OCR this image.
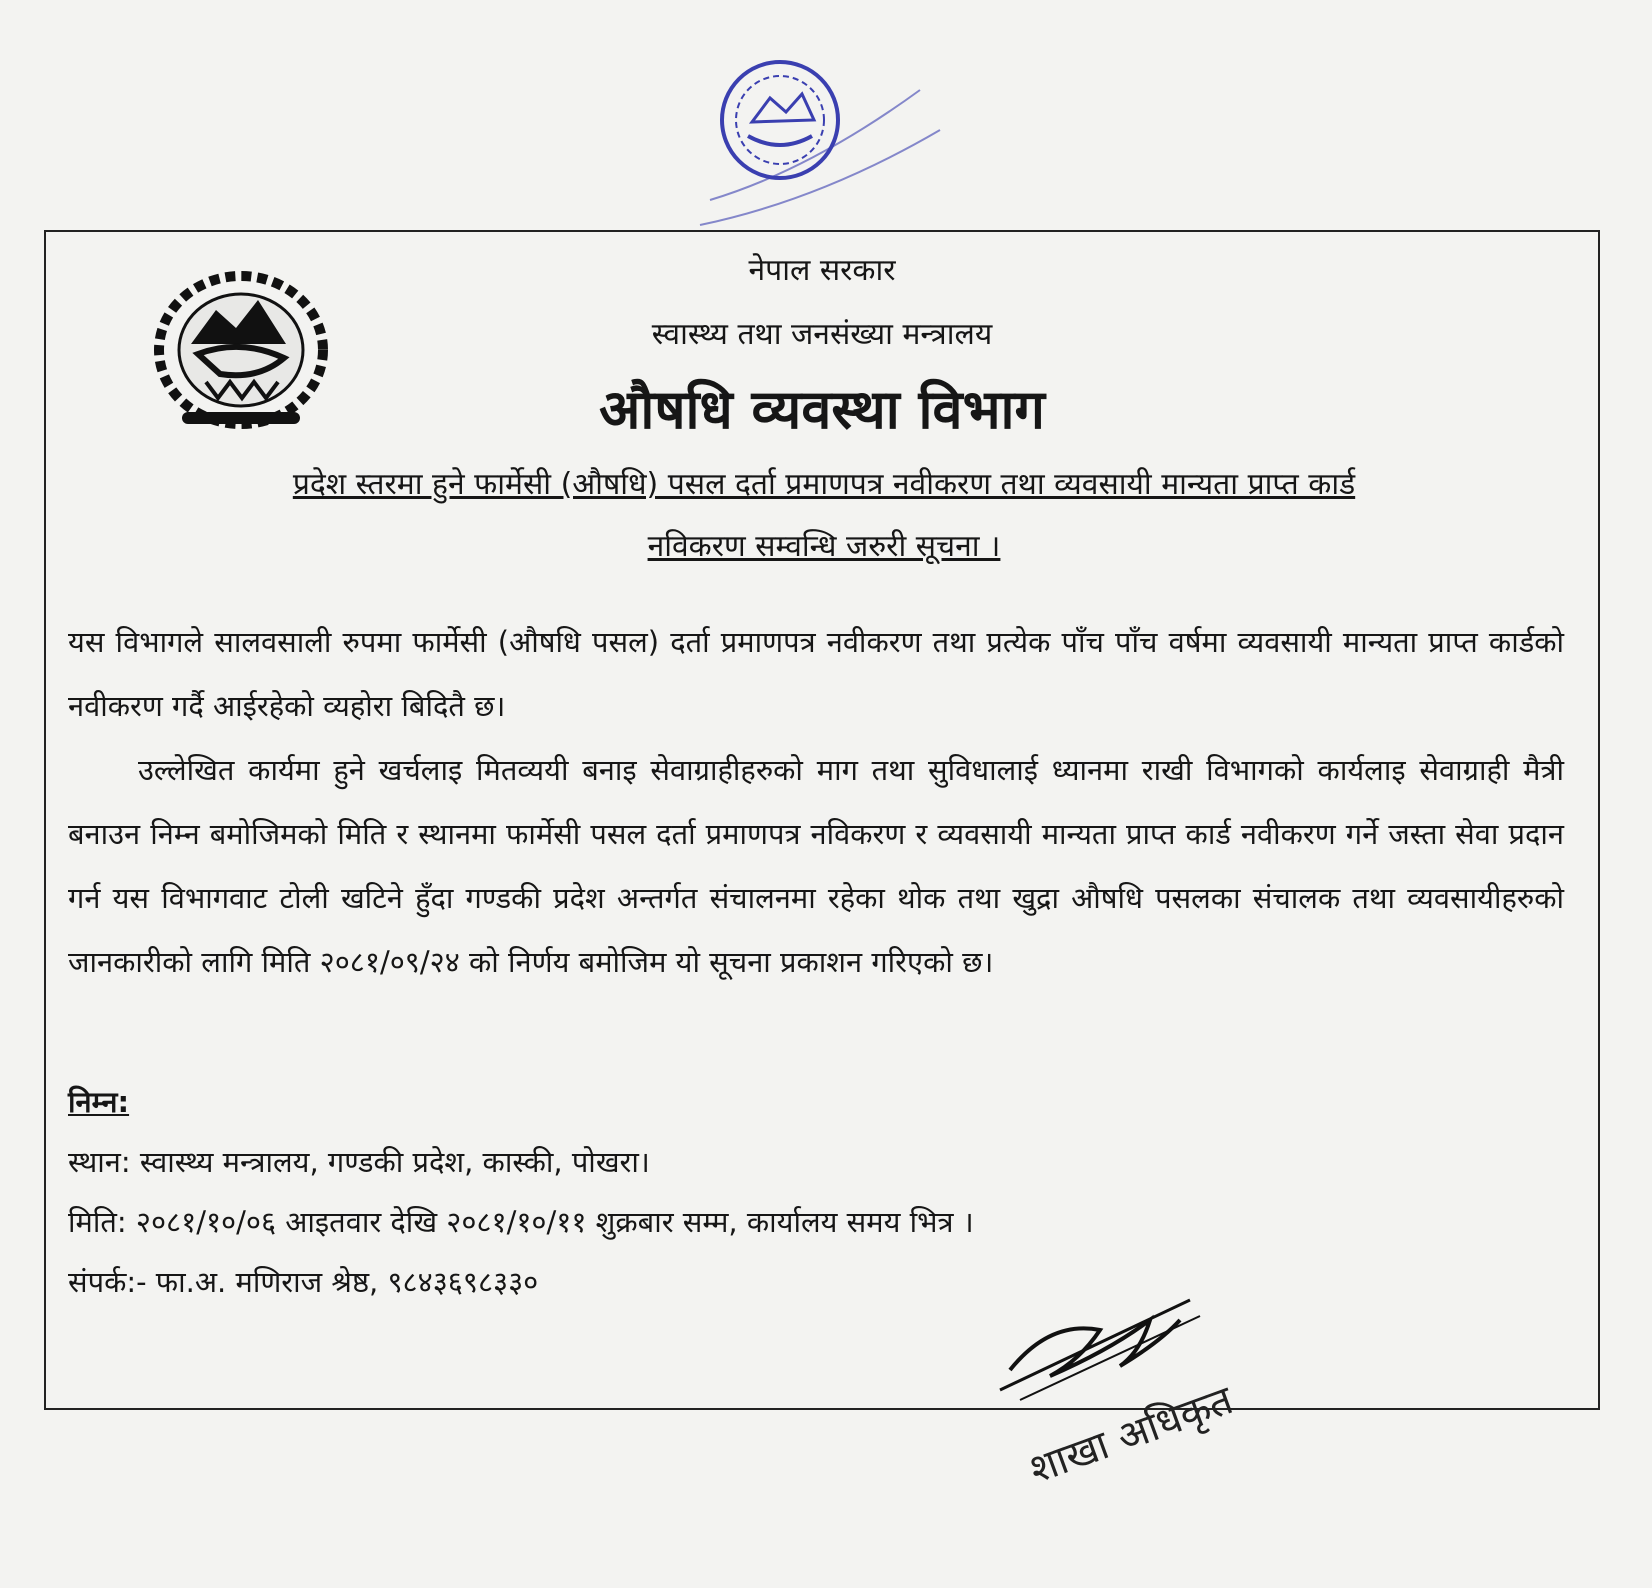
नेपाल सरकार
स्वास्थ्य तथा जनसंख्या मन्त्रालय
औषधि व्यवस्था विभाग
प्रदेश स्तरमा हुने फार्मेसी (औषधि) पसल दर्ता प्रमाणपत्र नवीकरण तथा व्यवसायी मान्यता प्राप्त कार्ड
नविकरण सम्वन्धि जरुरी सूचना ।

यस विभागले सालवसाली रुपमा फार्मेसी (औषधि पसल) दर्ता प्रमाणपत्र नवीकरण तथा प्रत्येक पाँच पाँच वर्षमा व्यवसायी मान्यता प्राप्त कार्डको नवीकरण गर्दै आईरहेको व्यहोरा बिदितै छ।

उल्लेखित कार्यमा हुने खर्चलाइ मितव्ययी बनाइ सेवाग्राहीहरुको माग तथा सुविधालाई ध्यानमा राखी विभागको कार्यलाइ सेवाग्राही मैत्री बनाउन निम्न बमोजिमको मिति र स्थानमा फार्मेसी पसल दर्ता प्रमाणपत्र नविकरण र व्यवसायी मान्यता प्राप्त कार्ड नवीकरण गर्ने जस्ता सेवा प्रदान गर्न यस विभागवाट टोली खटिने हुँदा गण्डकी प्रदेश अन्तर्गत संचालनमा रहेका थोक तथा खुद्रा औषधि पसलका संचालक तथा व्यवसायीहरुको जानकारीको लागि मिति २०८१/०९/२४ को निर्णय बमोजिम यो सूचना प्रकाशन गरिएको छ।

निम्न:
स्थान: स्वास्थ्य मन्त्रालय, गण्डकी प्रदेश, कास्की, पोखरा।
मिति: २०८१/१०/०६ आइतवार देखि २०८१/१०/११ शुक्रबार सम्म, कार्यालय समय भित्र ।
संपर्क:- फा.अ. मणिराज श्रेष्ठ, ९८४३६९८३३०
शाखा अधिकृत
